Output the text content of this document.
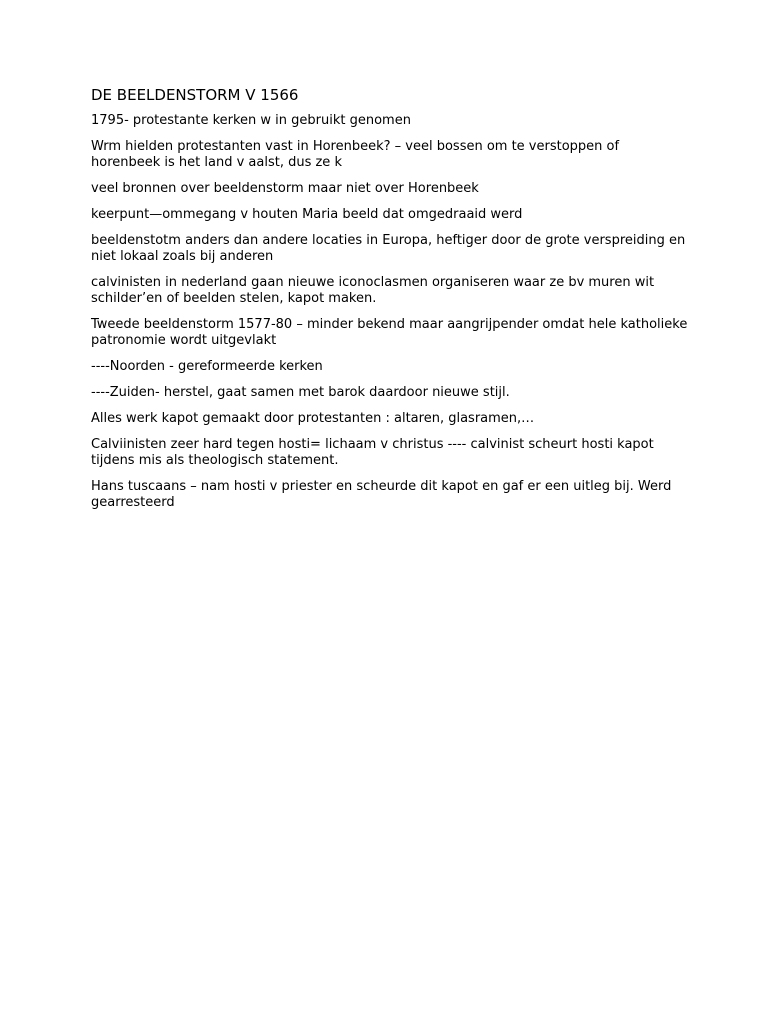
DE BEELDENSTORM V 1566

1795- protestante kerken w in gebruikt genomen

Wrm hielden protestanten vast in Horenbeek? – veel bossen om te verstoppen of horenbeek is het land v aalst, dus ze k

veel bronnen over beeldenstorm maar niet over Horenbeek

keerpunt—ommegang v houten Maria beeld dat omgedraaid werd

beeldenstotm anders dan andere locaties in Europa, heftiger door de grote verspreiding en niet lokaal zoals bij anderen

calvinisten in nederland gaan nieuwe iconoclasmen organiseren waar ze bv muren wit schilder’en of beelden stelen, kapot maken.

Tweede beeldenstorm 1577-80 – minder bekend maar aangrijpender omdat hele katholieke patronomie wordt uitgevlakt

----Noorden - gereformeerde kerken

----Zuiden- herstel, gaat samen met barok daardoor nieuwe stijl.

Alles werk kapot gemaakt door protestanten : altaren, glasramen,…

Calviinisten zeer hard tegen hosti= lichaam v christus ---- calvinist scheurt hosti kapot tijdens mis als theologisch statement.

Hans tuscaans – nam hosti v priester en scheurde dit kapot en gaf er een uitleg bij. Werd gearresteerd
